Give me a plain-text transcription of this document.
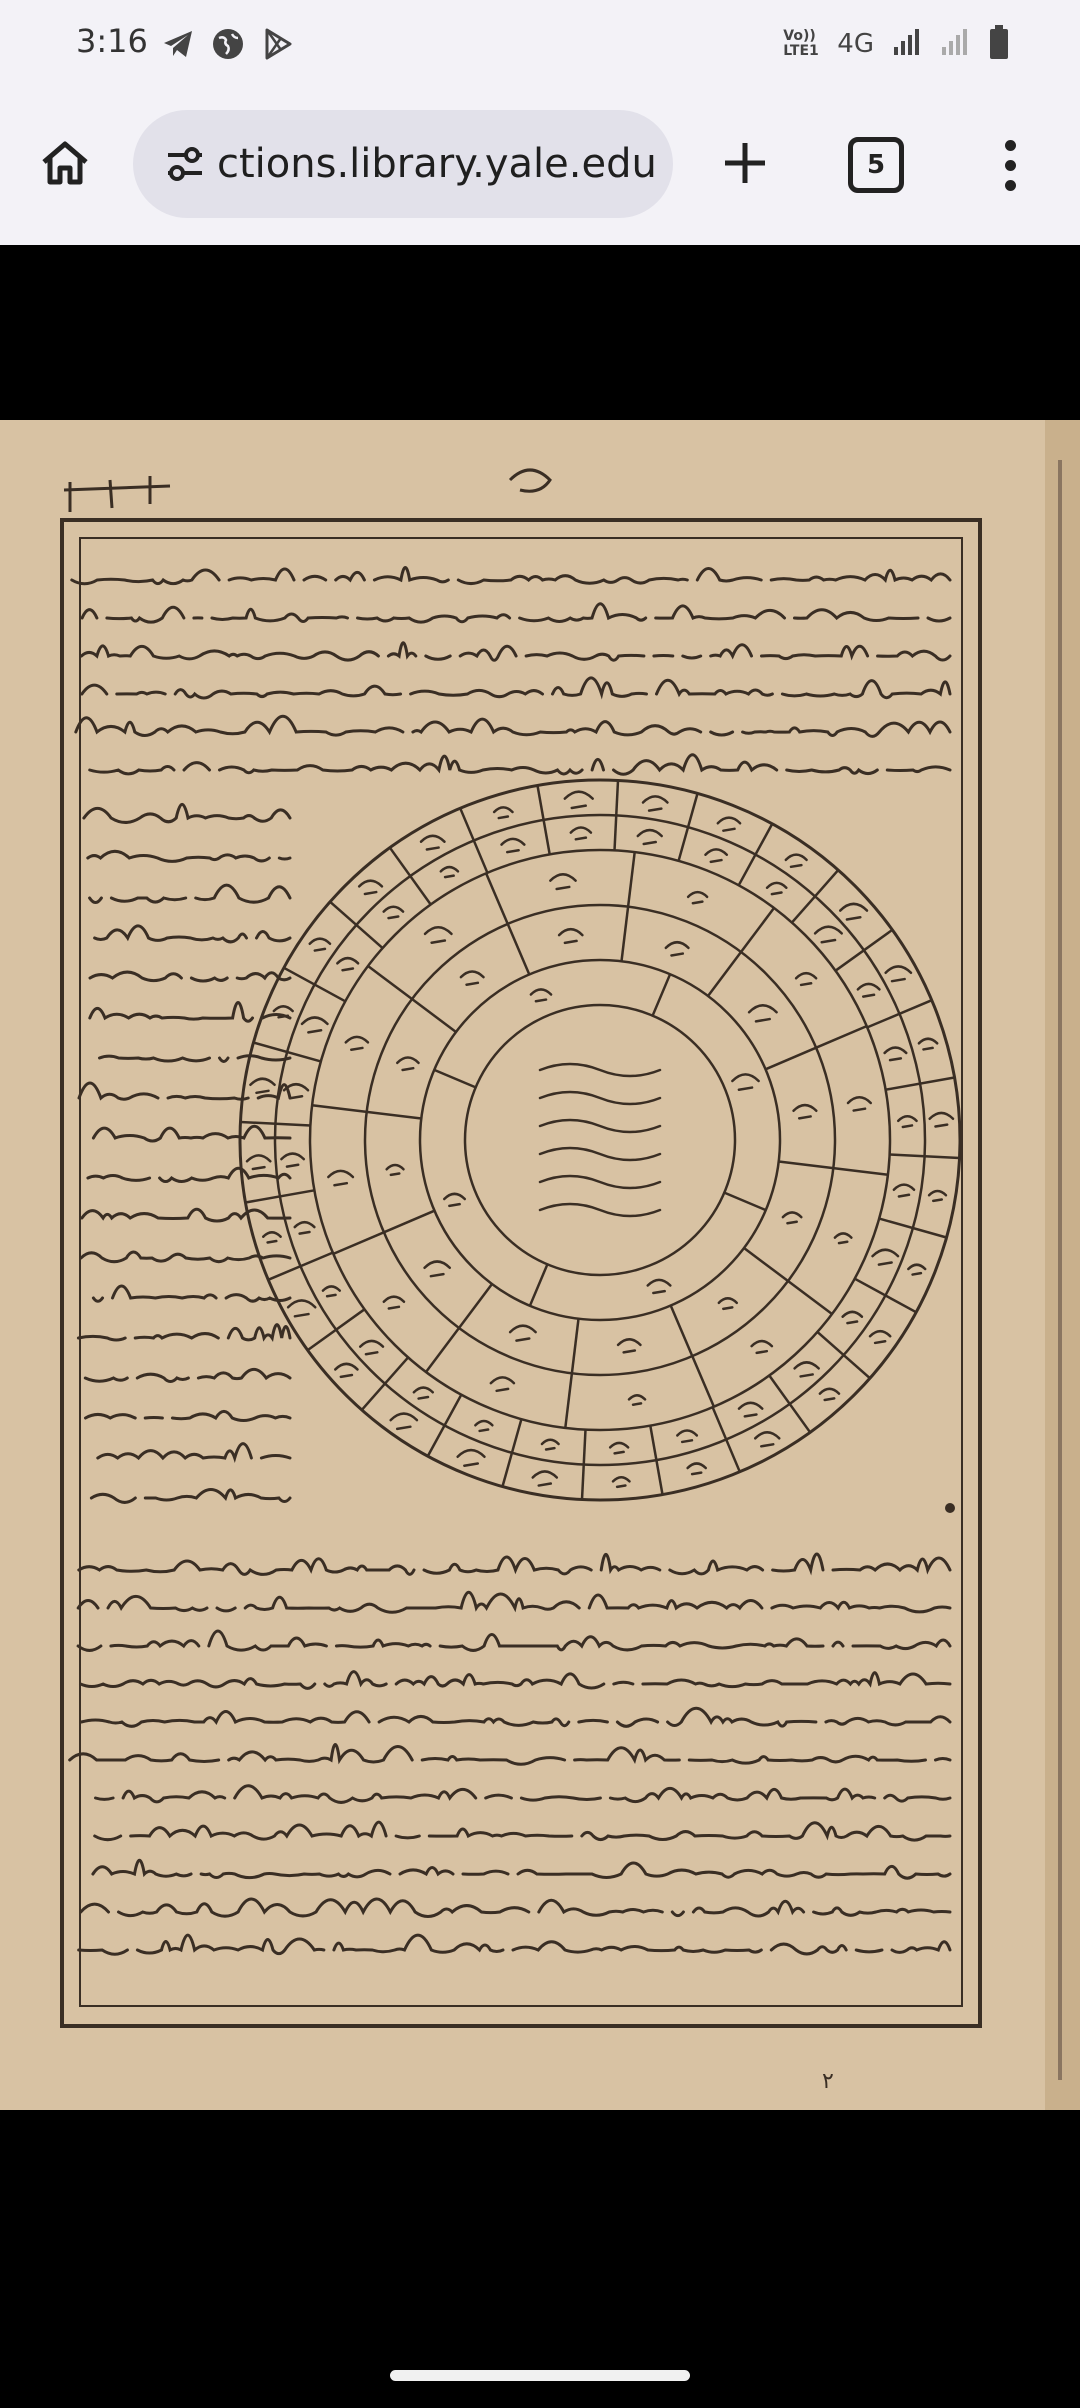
3:16	Vo)) LTE1 4G
ctions.library.yale.edu	5
٢
